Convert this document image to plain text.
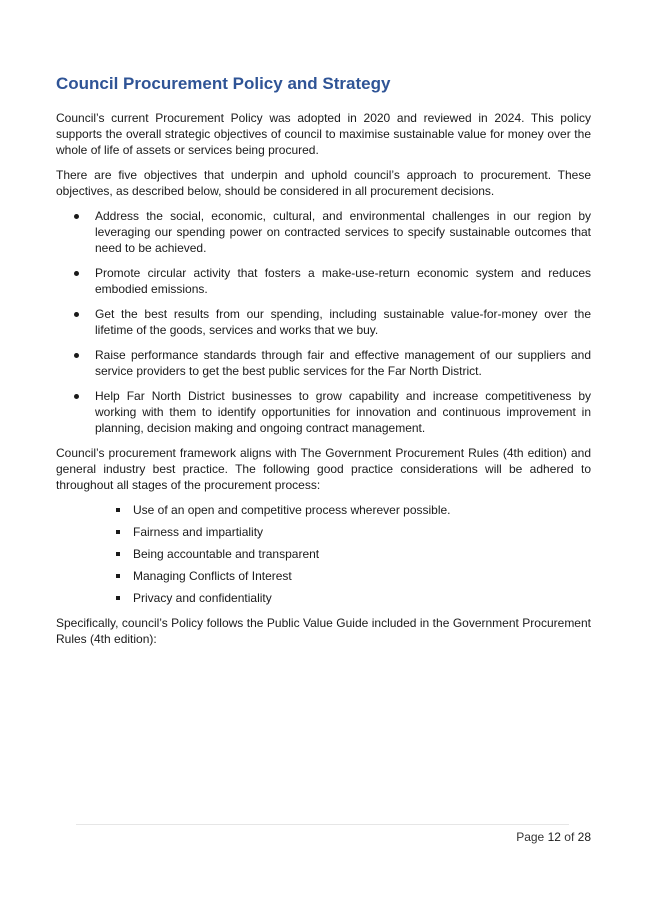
Council Procurement Policy and Strategy

Council’s current Procurement Policy was adopted in 2020 and reviewed in 2024. This policy supports the overall strategic objectives of council to maximise sustainable value for money over the whole of life of assets or services being procured.

There are five objectives that underpin and uphold council’s approach to procurement. These objectives, as described below, should be considered in all procurement decisions.

Address the social, economic, cultural, and environmental challenges in our region by leveraging our spending power on contracted services to specify sustainable outcomes that need to be achieved.
Promote circular activity that fosters a make-use-return economic system and reduces embodied emissions.
Get the best results from our spending, including sustainable value-for-money over the lifetime of the goods, services and works that we buy.
Raise performance standards through fair and effective management of our suppliers and service providers to get the best public services for the Far North District.
Help Far North District businesses to grow capability and increase competitiveness by working with them to identify opportunities for innovation and continuous improvement in planning, decision making and ongoing contract management.

Council’s procurement framework aligns with The Government Procurement Rules (4th edition) and general industry best practice. The following good practice considerations will be adhered to throughout all stages of the procurement process:

Use of an open and competitive process wherever possible.
Fairness and impartiality
Being accountable and transparent
Managing Conflicts of Interest
Privacy and confidentiality

Specifically, council’s Policy follows the Public Value Guide included in the Government Procurement Rules (4th edition):

Page 12 of 28
